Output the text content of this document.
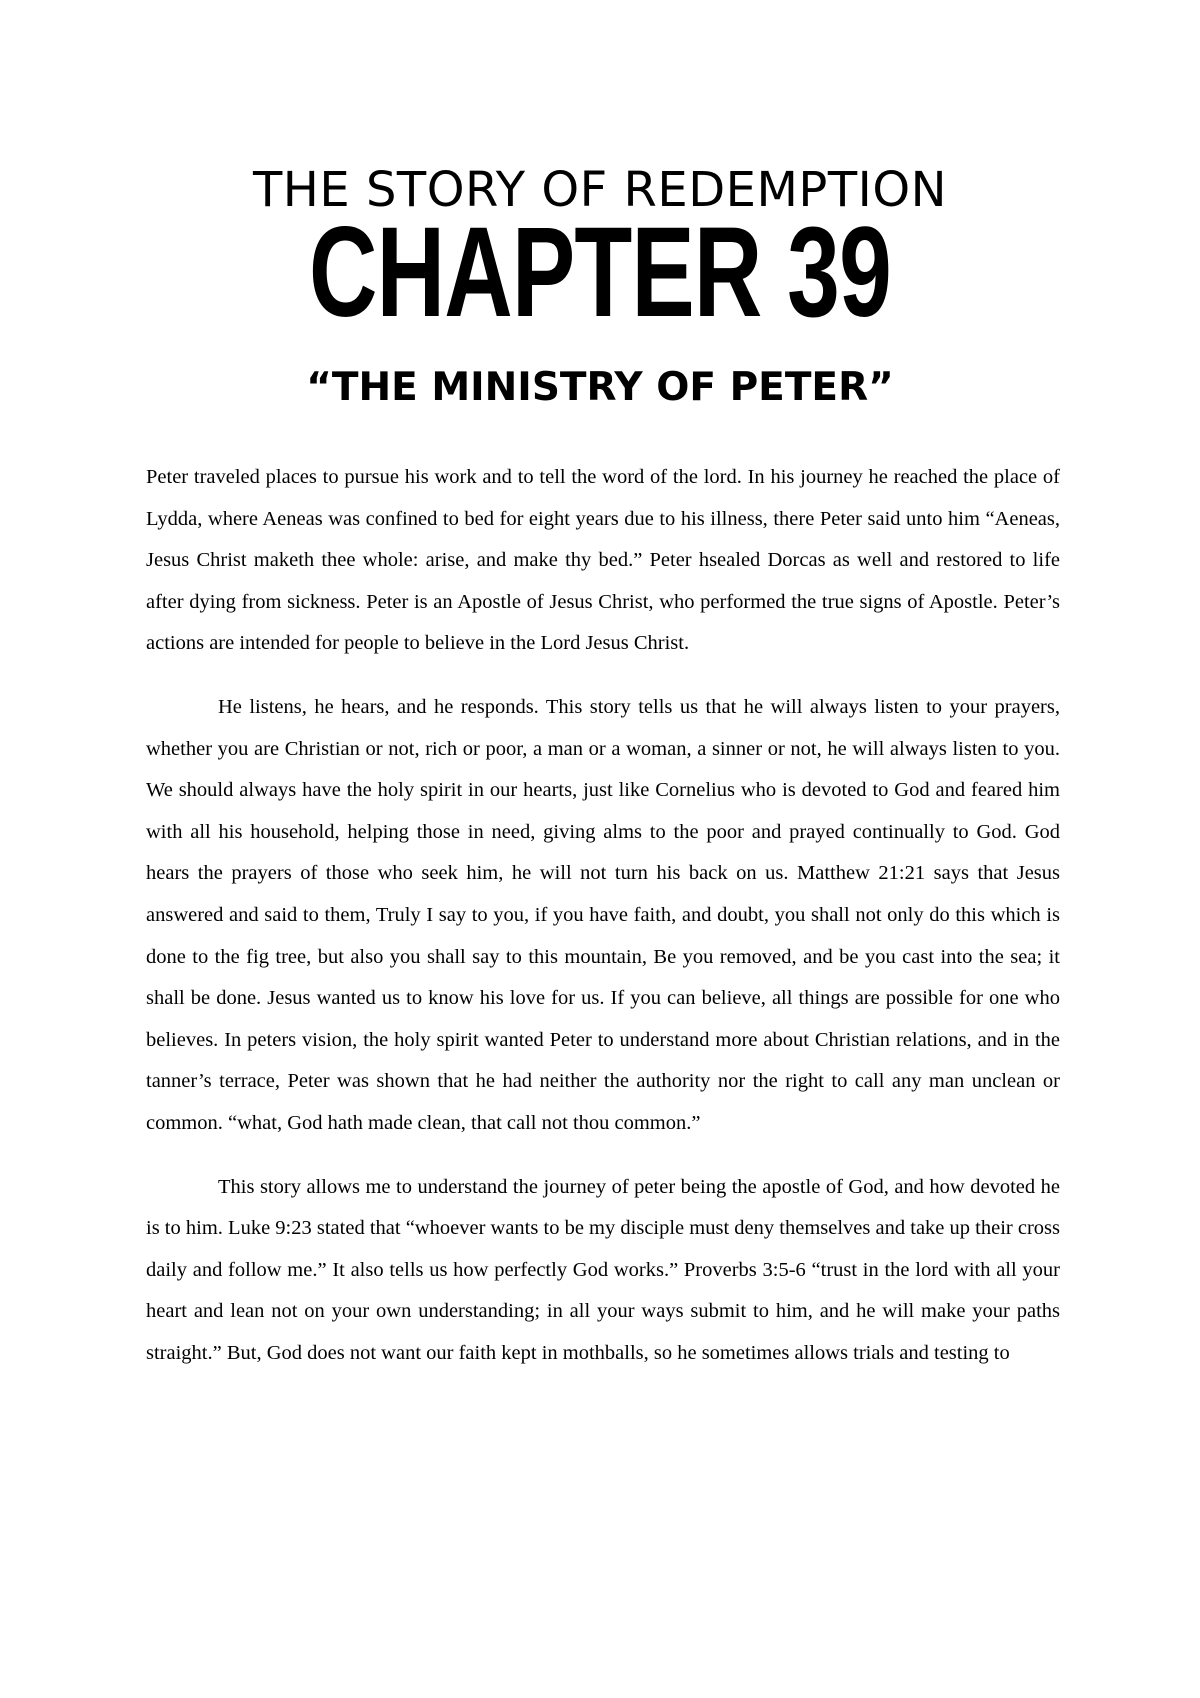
THE STORY OF REDEMPTION
CHAPTER 39
“THE MINISTRY OF PETER”

Peter traveled places to pursue his work and to tell the word of the lord. In his journey he reached the place of Lydda, where Aeneas was confined to bed for eight years due to his illness, there Peter said unto him “Aeneas, Jesus Christ maketh thee whole: arise, and make thy bed.” Peter hsealed Dorcas as well and restored to life after dying from sickness. Peter is an Apostle of Jesus Christ, who performed the true signs of Apostle. Peter’s actions are intended for people to believe in the Lord Jesus Christ.

He listens, he hears, and he responds. This story tells us that he will always listen to your prayers, whether you are Christian or not, rich or poor, a man or a woman, a sinner or not, he will always listen to you. We should always have the holy spirit in our hearts, just like Cornelius who is devoted to God and feared him with all his household, helping those in need, giving alms to the poor and prayed continually to God. God hears the prayers of those who seek him, he will not turn his back on us. Matthew 21:21 says that Jesus answered and said to them, Truly I say to you, if you have faith, and doubt, you shall not only do this which is done to the fig tree, but also you shall say to this mountain, Be you removed, and be you cast into the sea; it shall be done. Jesus wanted us to know his love for us. If you can believe, all things are possible for one who believes. In peters vision, the holy spirit wanted Peter to understand more about Christian relations, and in the tanner’s terrace, Peter was shown that he had neither the authority nor the right to call any man unclean or common. “what, God hath made clean, that call not thou common.”

This story allows me to understand the journey of peter being the apostle of God, and how devoted he is to him. Luke 9:23 stated that “whoever wants to be my disciple must deny themselves and take up their cross daily and follow me.” It also tells us how perfectly God works.” Proverbs 3:5-6 “trust in the lord with all your heart and lean not on your own understanding; in all your ways submit to him, and he will make your paths straight.” But, God does not want our faith kept in mothballs, so he sometimes allows trials and testing to
